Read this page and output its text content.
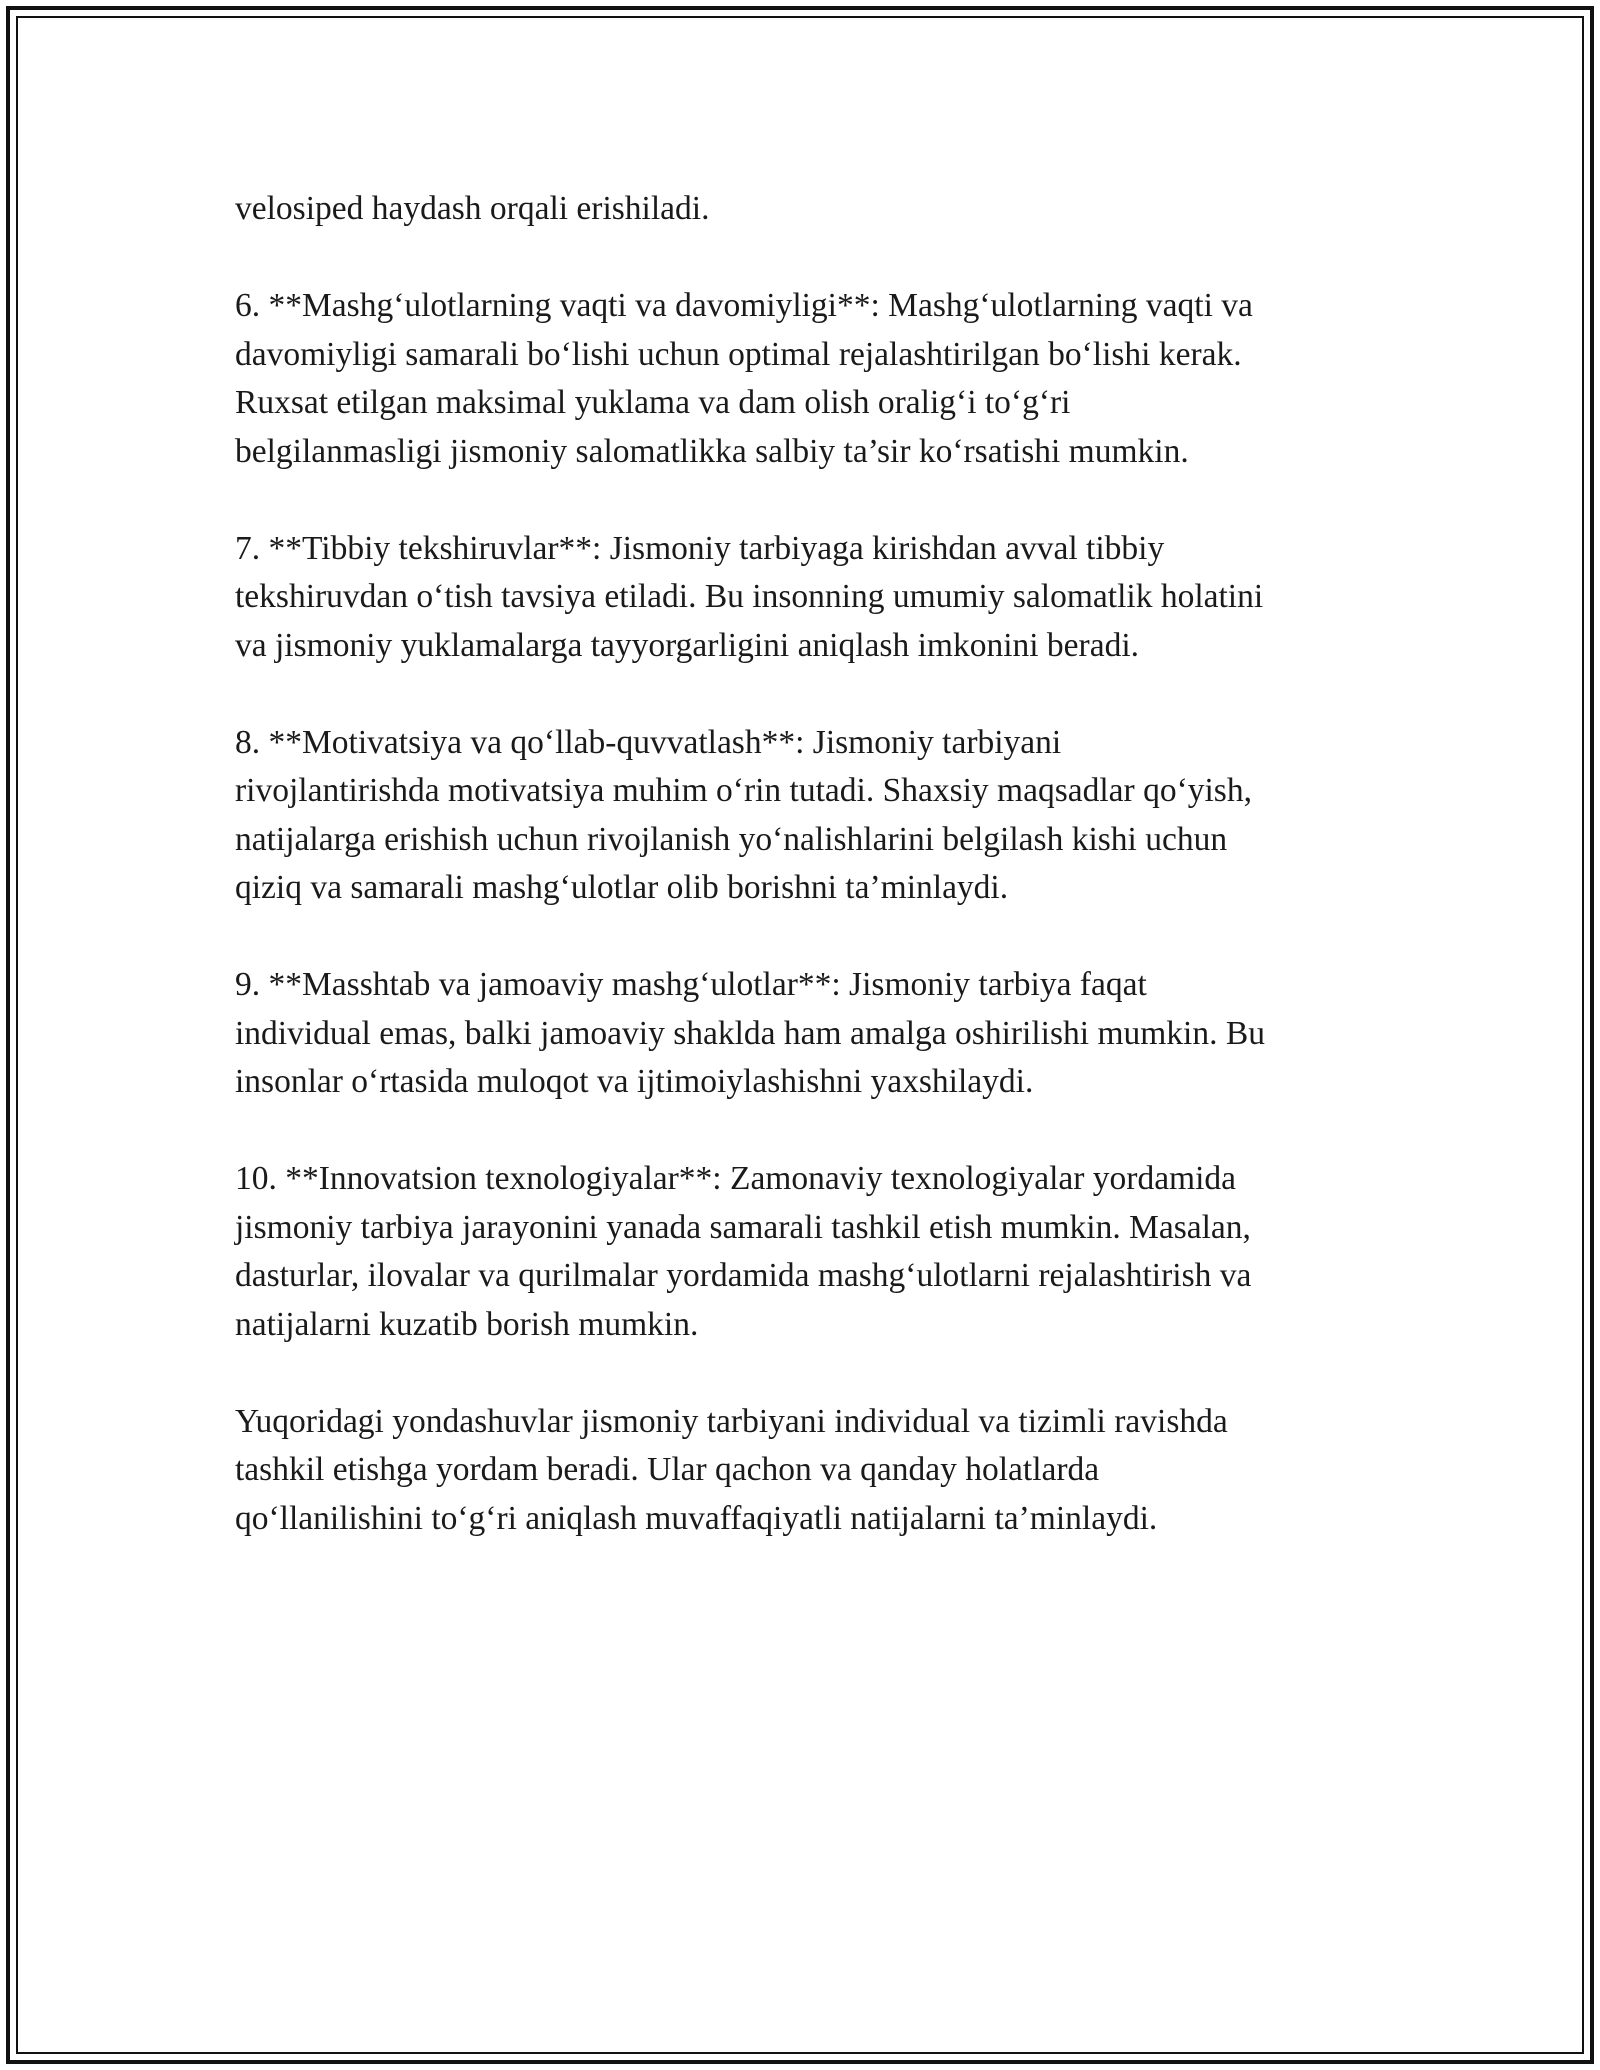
velosiped haydash orqali erishiladi.
6. **Mashg‘ulotlarning vaqti va davomiyligi**: Mashg‘ulotlarning vaqti va
davomiyligi samarali bo‘lishi uchun optimal rejalashtirilgan bo‘lishi kerak.
Ruxsat etilgan maksimal yuklama va dam olish oralig‘i to‘g‘ri
belgilanmasligi jismoniy salomatlikka salbiy ta’sir ko‘rsatishi mumkin.
7. **Tibbiy tekshiruvlar**: Jismoniy tarbiyaga kirishdan avval tibbiy
tekshiruvdan o‘tish tavsiya etiladi. Bu insonning umumiy salomatlik holatini
va jismoniy yuklamalarga tayyorgarligini aniqlash imkonini beradi.
8. **Motivatsiya va qo‘llab-quvvatlash**: Jismoniy tarbiyani
rivojlantirishda motivatsiya muhim o‘rin tutadi. Shaxsiy maqsadlar qo‘yish,
natijalarga erishish uchun rivojlanish yo‘nalishlarini belgilash kishi uchun
qiziq va samarali mashg‘ulotlar olib borishni ta’minlaydi.
9. **Masshtab va jamoaviy mashg‘ulotlar**: Jismoniy tarbiya faqat
individual emas, balki jamoaviy shaklda ham amalga oshirilishi mumkin. Bu
insonlar o‘rtasida muloqot va ijtimoiylashishni yaxshilaydi.
10. **Innovatsion texnologiyalar**: Zamonaviy texnologiyalar yordamida
jismoniy tarbiya jarayonini yanada samarali tashkil etish mumkin. Masalan,
dasturlar, ilovalar va qurilmalar yordamida mashg‘ulotlarni rejalashtirish va
natijalarni kuzatib borish mumkin.
Yuqoridagi yondashuvlar jismoniy tarbiyani individual va tizimli ravishda
tashkil etishga yordam beradi. Ular qachon va qanday holatlarda
qo‘llanilishini to‘g‘ri aniqlash muvaffaqiyatli natijalarni ta’minlaydi.
